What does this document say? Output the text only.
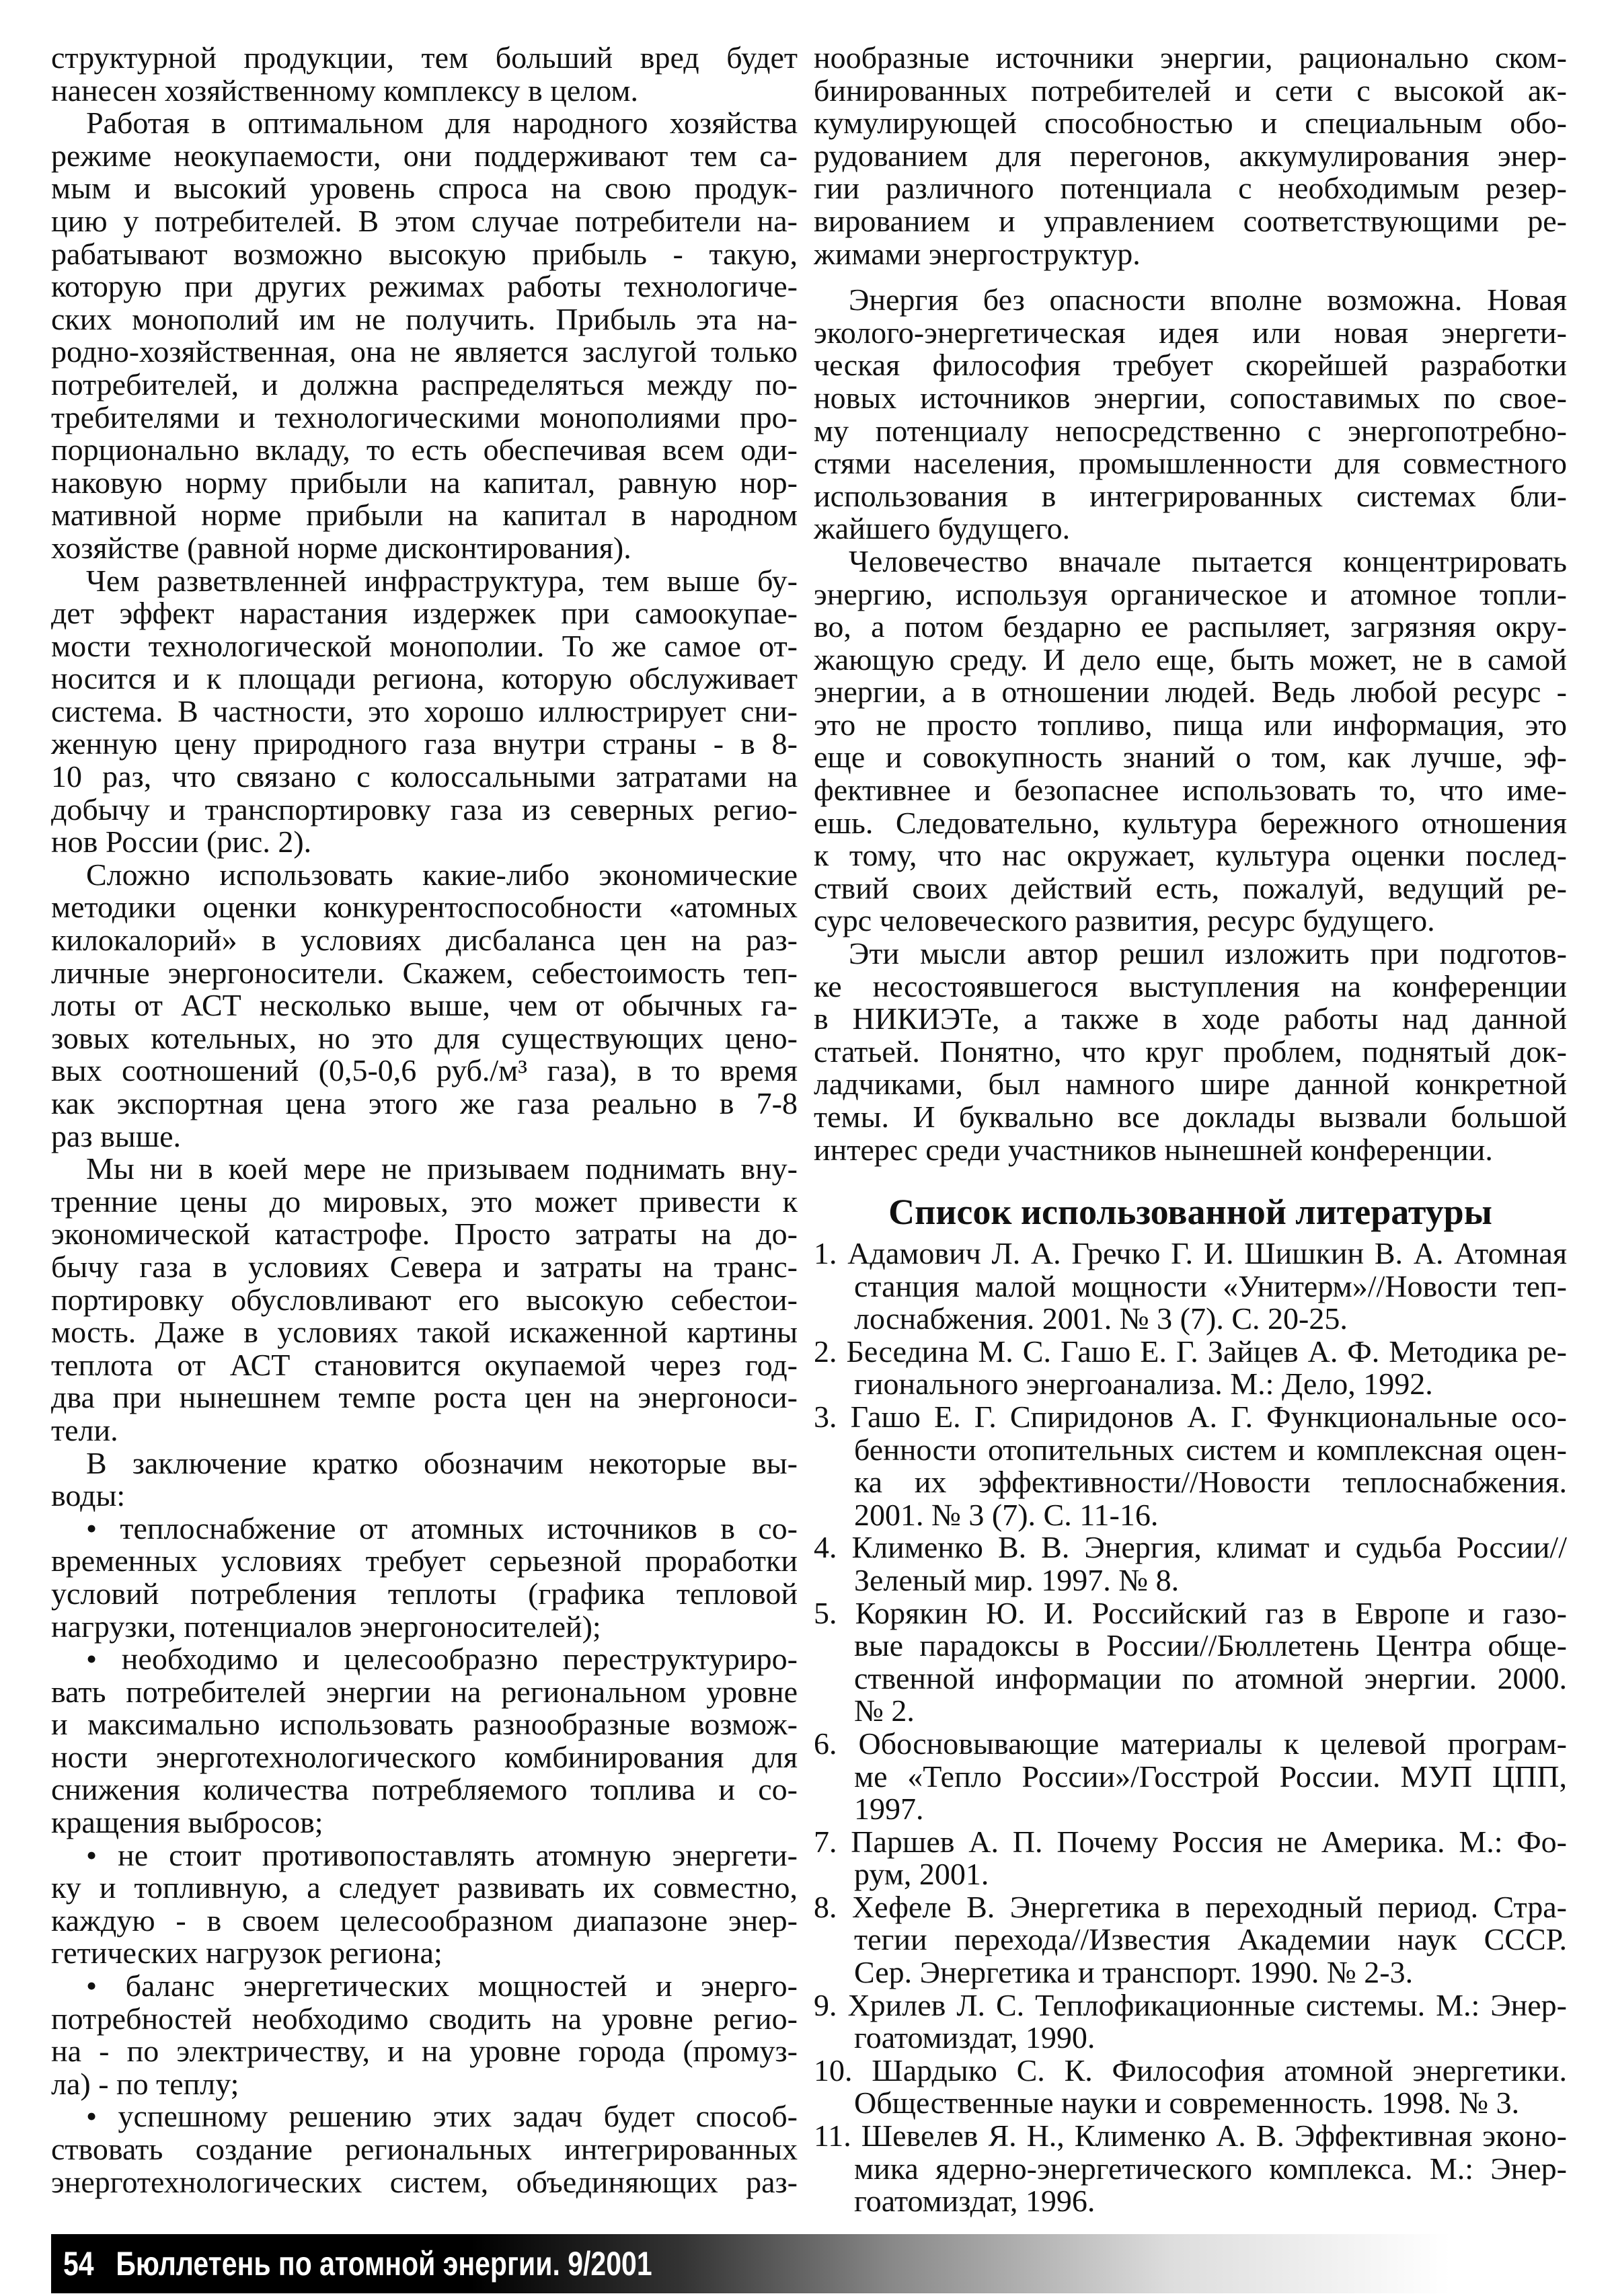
структурной продукции, тем больший вред будет
нанесен хозяйственному комплексу в целом.
Работая в оптимальном для народного хозяйства
режиме неокупаемости, они поддерживают тем са-
мым и высокий уровень спроса на свою продук-
цию у потребителей. В этом случае потребители на-
рабатывают возможно высокую прибыль - такую,
которую при других режимах работы технологиче-
ских монополий им не получить. Прибыль эта на-
родно-хозяйственная, она не является заслугой только
потребителей, и должна распределяться между по-
требителями и технологическими монополиями про-
порционально вкладу, то есть обеспечивая всем оди-
наковую норму прибыли на капитал, равную нор-
мативной норме прибыли на капитал в народном
хозяйстве (равной норме дисконтирования).
Чем разветвленней инфраструктура, тем выше бу-
дет эффект нарастания издержек при самоокупае-
мости технологической монополии. То же самое от-
носится и к площади региона, которую обслуживает
система. В частности, это хорошо иллюстрирует сни-
женную цену природного газа внутри страны - в 8-
10 раз, что связано с колоссальными затратами на
добычу и транспортировку газа из северных регио-
нов России (рис. 2).
Сложно использовать какие-либо экономические
методики оценки конкурентоспособности «атомных
килокалорий» в условиях дисбаланса цен на раз-
личные энергоносители. Скажем, себестоимость теп-
лоты от АСТ несколько выше, чем от обычных га-
зовых котельных, но это для существующих цено-
вых соотношений (0,5-0,6 руб./м³ газа), в то время
как экспортная цена этого же газа реально в 7-8
раз выше.
Мы ни в коей мере не призываем поднимать вну-
тренние цены до мировых, это может привести к
экономической катастрофе. Просто затраты на до-
бычу газа в условиях Севера и затраты на транс-
портировку обусловливают его высокую себестои-
мость. Даже в условиях такой искаженной картины
теплота от АСТ становится окупаемой через год-
два при нынешнем темпе роста цен на энергоноси-
тели.
В заключение кратко обозначим некоторые вы-
воды:
• теплоснабжение от атомных источников в со-
временных условиях требует серьезной проработки
условий потребления теплоты (графика тепловой
нагрузки, потенциалов энергоносителей);
• необходимо и целесообразно переструктуриро-
вать потребителей энергии на региональном уровне
и максимально использовать разнообразные возмож-
ности энерготехнологического комбинирования для
снижения количества потребляемого топлива и со-
кращения выбросов;
• не стоит противопоставлять атомную энергети-
ку и топливную, а следует развивать их совместно,
каждую - в своем целесообразном диапазоне энер-
гетических нагрузок региона;
• баланс энергетических мощностей и энерго-
потребностей необходимо сводить на уровне регио-
на - по электричеству, и на уровне города (промуз-
ла) - по теплу;
• успешному решению этих задач будет способ-
ствовать создание региональных интегрированных
энерготехнологических систем, объединяющих раз-
нообразные источники энергии, рационально ском-
бинированных потребителей и сети с высокой ак-
кумулирующей способностью и специальным обо-
рудованием для перегонов, аккумулирования энер-
гии различного потенциала с необходимым резер-
вированием и управлением соответствующими ре-
жимами энергоструктур.
Энергия без опасности вполне возможна. Новая
эколого-энергетическая идея или новая энергети-
ческая философия требует скорейшей разработки
новых источников энергии, сопоставимых по свое-
му потенциалу непосредственно с энергопотребно-
стями населения, промышленности для совместного
использования в интегрированных системах бли-
жайшего будущего.
Человечество вначале пытается концентрировать
энергию, используя органическое и атомное топли-
во, а потом бездарно ее распыляет, загрязняя окру-
жающую среду. И дело еще, быть может, не в самой
энергии, а в отношении людей. Ведь любой ресурс -
это не просто топливо, пища или информация, это
еще и совокупность знаний о том, как лучше, эф-
фективнее и безопаснее использовать то, что име-
ешь. Следовательно, культура бережного отношения
к тому, что нас окружает, культура оценки послед-
ствий своих действий есть, пожалуй, ведущий ре-
сурс человеческого развития, ресурс будущего.
Эти мысли автор решил изложить при подготов-
ке несостоявшегося выступления на конференции
в НИКИЭТе, а также в ходе работы над данной
статьей. Понятно, что круг проблем, поднятый док-
ладчиками, был намного шире данной конкретной
темы. И буквально все доклады вызвали большой
интерес среди участников нынешней конференции.
Список использованной литературы
1. Адамович Л. А. Гречко Г. И. Шишкин В. А. Атомная
станция малой мощности «Унитерм»//Новости теп-
лоснабжения. 2001. № 3 (7). С. 20-25.
2. Беседина М. С. Гашо Е. Г. Зайцев А. Ф. Методика ре-
гионального энергоанализа. М.: Дело, 1992.
3. Гашо Е. Г. Спиридонов А. Г. Функциональные осо-
бенности отопительных систем и комплексная оцен-
ка их эффективности//Новости теплоснабжения.
2001. № 3 (7). С. 11-16.
4. Клименко В. В. Энергия, климат и судьба России//
Зеленый мир. 1997. № 8.
5. Корякин Ю. И. Российский газ в Европе и газо-
вые парадоксы в России//Бюллетень Центра обще-
ственной информации по атомной энергии. 2000.
№ 2.
6. Обосновывающие материалы к целевой програм-
ме «Тепло России»/Госстрой России. МУП ЦПП,
1997.
7. Паршев А. П. Почему Россия не Америка. М.: Фо-
рум, 2001.
8. Хефеле В. Энергетика в переходный период. Стра-
тегии перехода//Известия Академии наук СССР.
Сер. Энергетика и транспорт. 1990. № 2-3.
9. Хрилев Л. С. Теплофикационные системы. М.: Энер-
гоатомиздат, 1990.
10. Шардыко С. К. Философия атомной энергетики.
Общественные науки и современность. 1998. № 3.
11. Шевелев Я. Н., Клименко А. В. Эффективная эконо-
мика ядерно-энергетического комплекса. М.: Энер-
гоатомиздат, 1996.
54 Бюллетень по атомной энергии. 9/2001
